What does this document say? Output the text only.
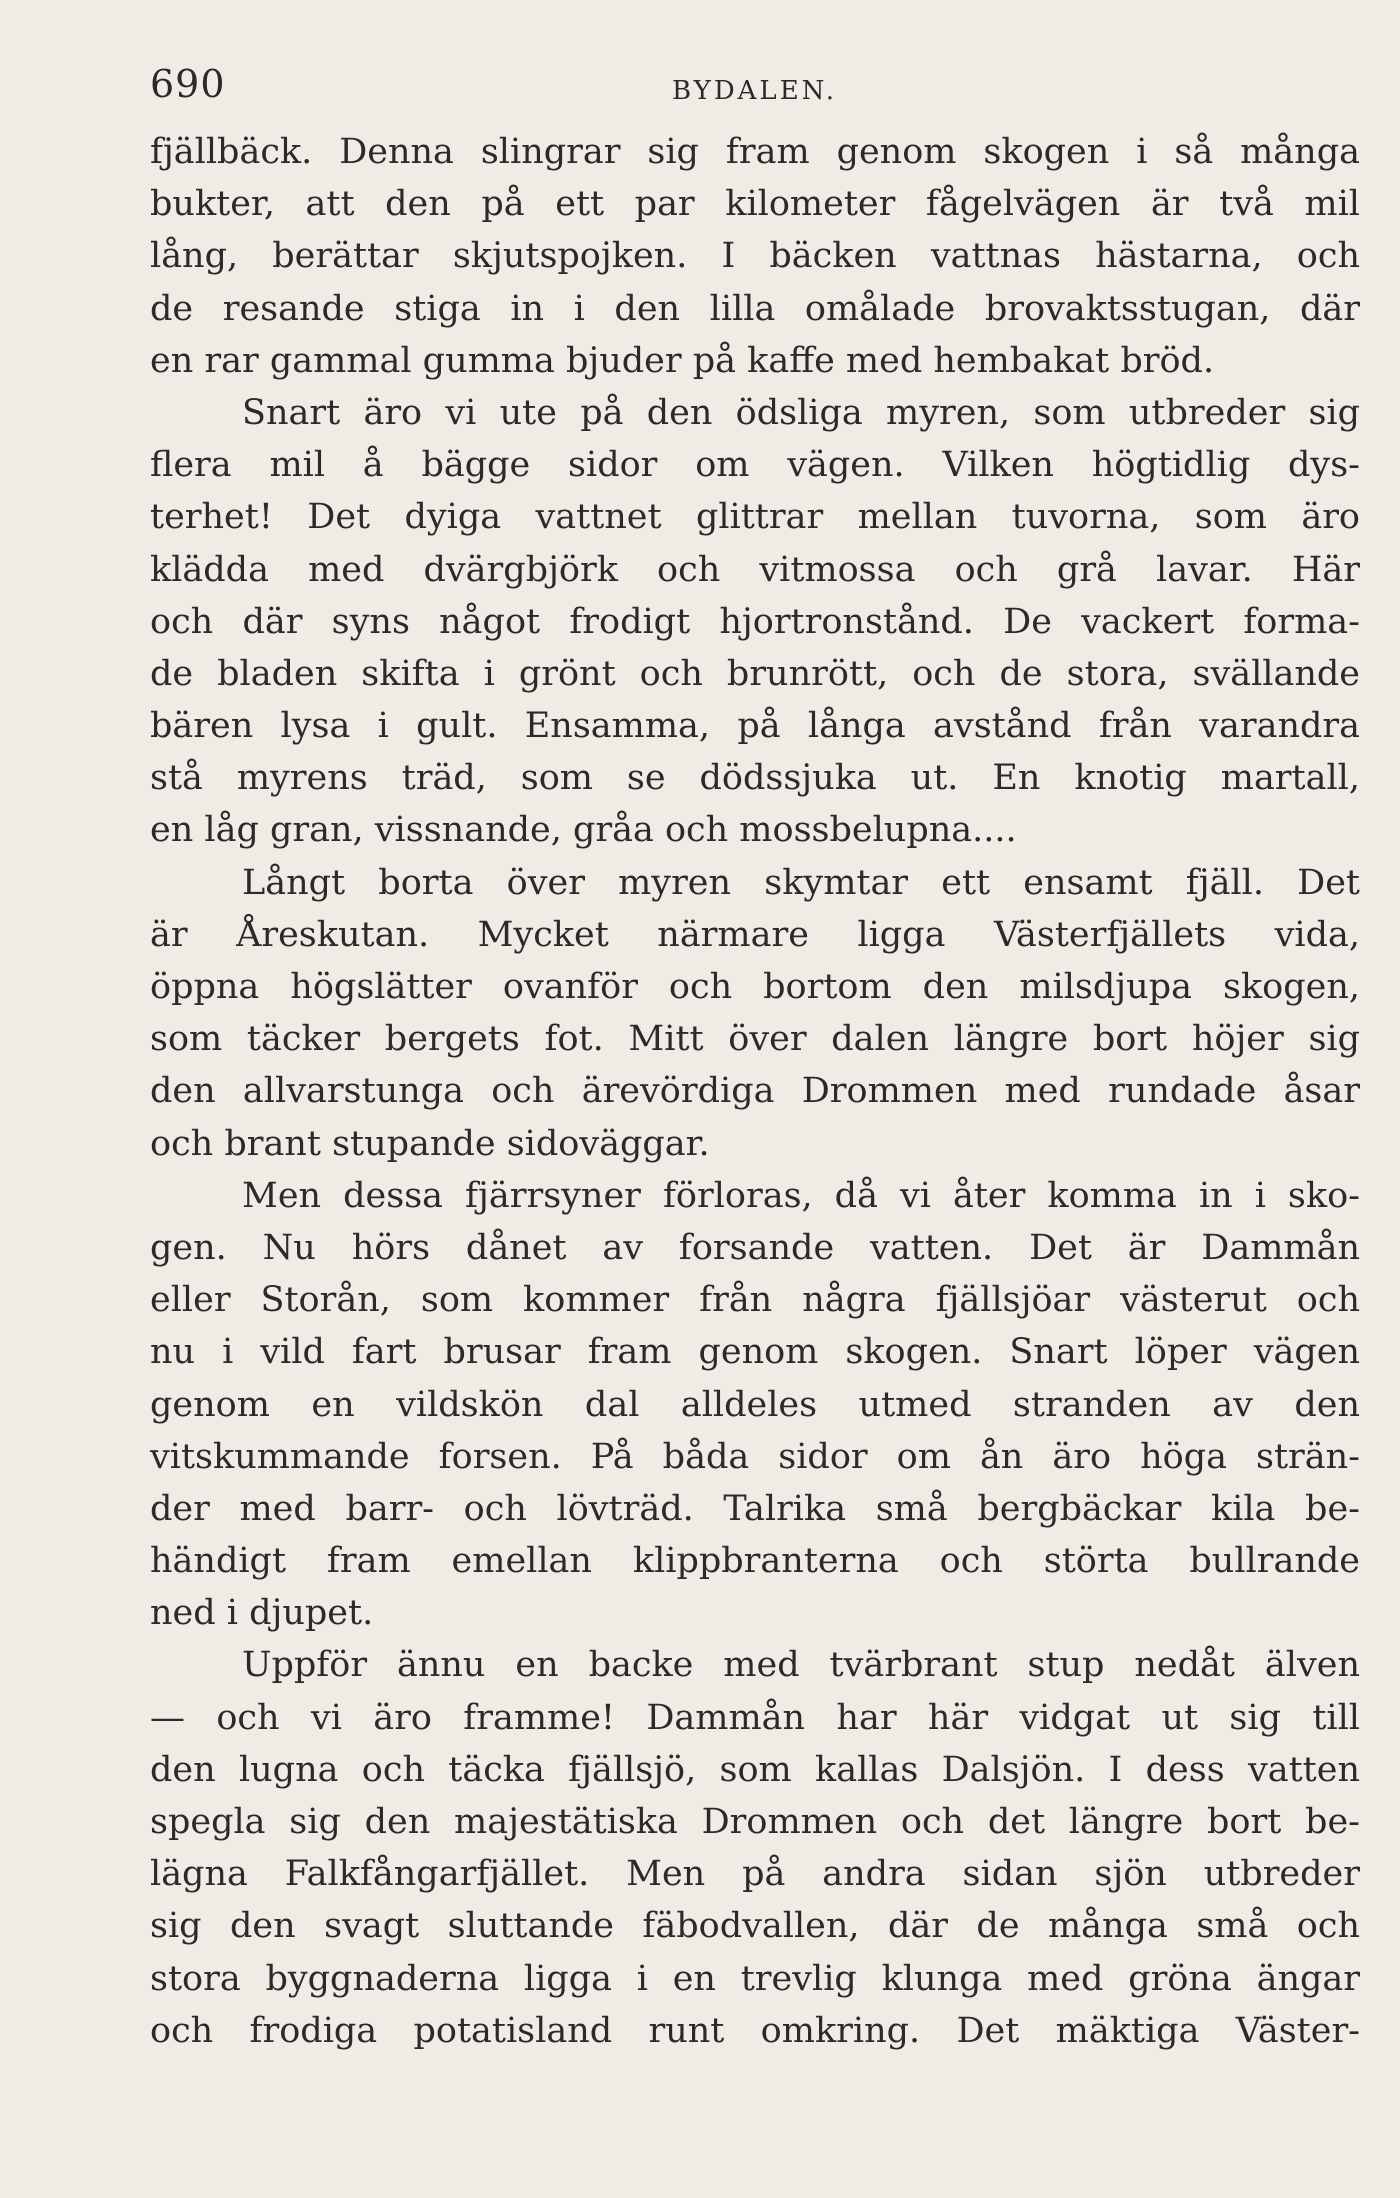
690	BYDALEN.
fjällbäck. Denna slingrar sig fram genom skogen i så många
bukter, att den på ett par kilometer fågelvägen är två mil
lång, berättar skjutspojken. I bäcken vattnas hästarna, och
de resande stiga in i den lilla omålade brovaktsstugan, där
en rar gammal gumma bjuder på kaffe med hembakat bröd.
Snart äro vi ute på den ödsliga myren, som utbreder sig
flera mil å bägge sidor om vägen. Vilken högtidlig dys-
terhet! Det dyiga vattnet glittrar mellan tuvorna, som äro
klädda med dvärgbjörk och vitmossa och grå lavar. Här
och där syns något frodigt hjortronstånd. De vackert forma-
de bladen skifta i grönt och brunrött, och de stora, svällande
bären lysa i gult. Ensamma, på långa avstånd från varandra
stå myrens träd, som se dödssjuka ut. En knotig martall,
en låg gran, vissnande, gråa och mossbelupna....
Långt borta över myren skymtar ett ensamt fjäll. Det
är Åreskutan. Mycket närmare ligga Västerfjällets vida,
öppna högslätter ovanför och bortom den milsdjupa skogen,
som täcker bergets fot. Mitt över dalen längre bort höjer sig
den allvarstunga och ärevördiga Drommen med rundade åsar
och brant stupande sidoväggar.
Men dessa fjärrsyner förloras, då vi åter komma in i sko-
gen. Nu hörs dånet av forsande vatten. Det är Dammån
eller Storån, som kommer från några fjällsjöar västerut och
nu i vild fart brusar fram genom skogen. Snart löper vägen
genom en vildskön dal alldeles utmed stranden av den
vitskummande forsen. På båda sidor om ån äro höga strän-
der med barr- och lövträd. Talrika små bergbäckar kila be-
händigt fram emellan klippbranterna och störta bullrande
ned i djupet.
Uppför ännu en backe med tvärbrant stup nedåt älven
— och vi äro framme! Dammån har här vidgat ut sig till
den lugna och täcka fjällsjö, som kallas Dalsjön. I dess vatten
spegla sig den majestätiska Drommen och det längre bort be-
lägna Falkfångarfjället. Men på andra sidan sjön utbreder
sig den svagt sluttande fäbodvallen, där de många små och
stora byggnaderna ligga i en trevlig klunga med gröna ängar
och frodiga potatisland runt omkring. Det mäktiga Väster-
